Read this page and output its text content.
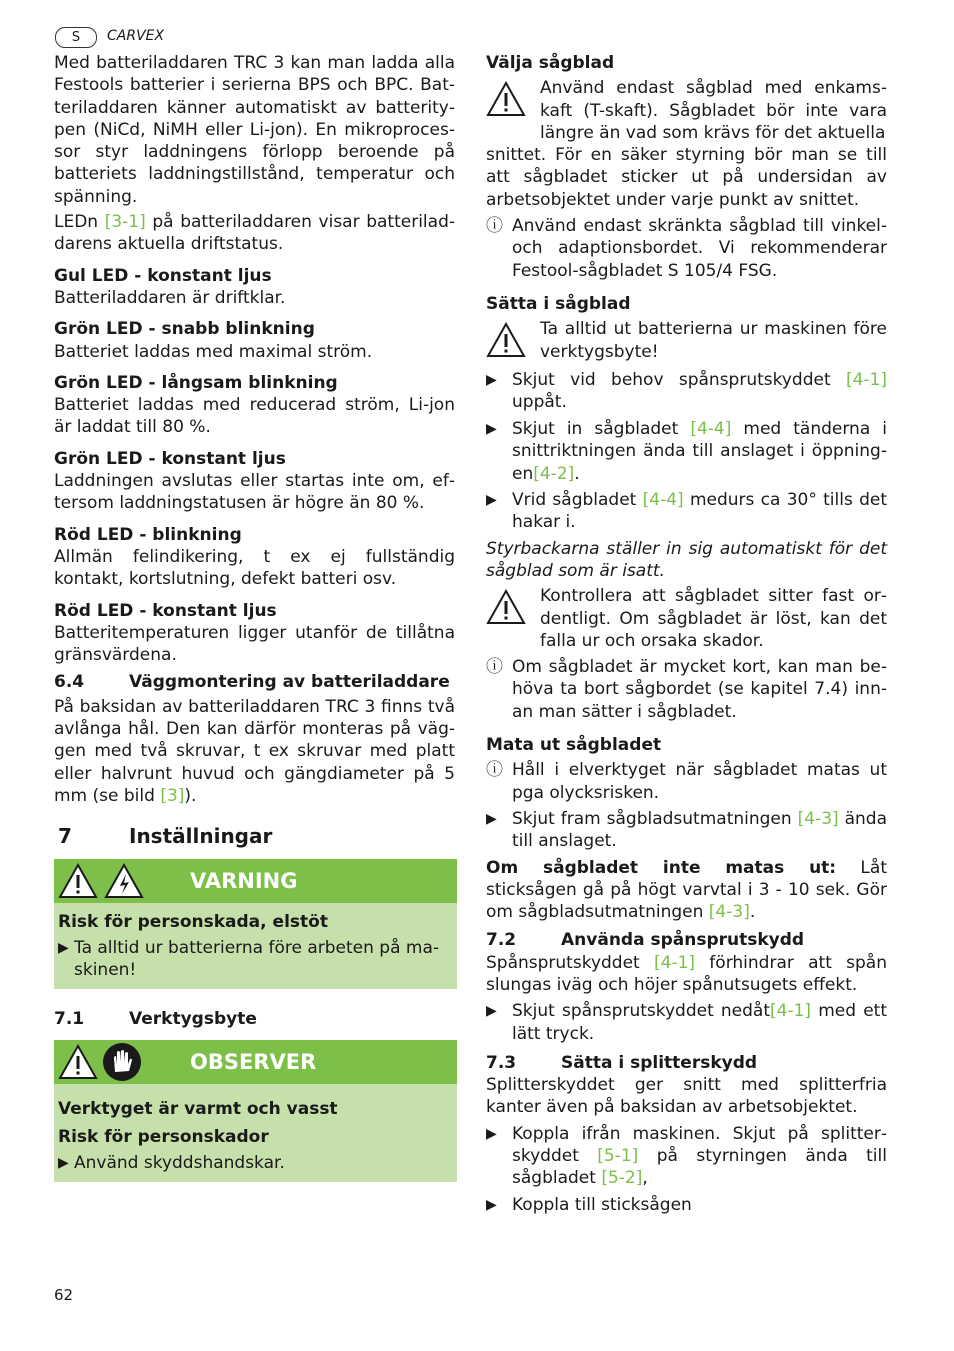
S	CARVEX

Med batteriladdaren TRC 3 kan man ladda alla Festools batterier i serierna BPS och BPC. Batteriladdaren känner automatiskt av batteritypen (NiCd, NiMH eller Li-jon). En mikroprocessor styr laddningens förlopp beroende på batteriets laddningstillstånd, temperatur och spänning.

LEDn [3-1] på batteriladdaren visar batteriladdarens aktuella driftstatus.

Gul LED - konstant ljus

Batteriladdaren är driftklar.

Grön LED - snabb blinkning

Batteriet laddas med maximal ström.

Grön LED - långsam blinkning

Batteriet laddas med reducerad ström, Li-jon är laddat till 80 %.

Grön LED - konstant ljus

Laddningen avslutas eller startas inte om, eftersom laddningstatusen är högre än 80 %.

Röd LED - blinkning

Allmän felindikering, t ex ej fullständig kontakt, kortslutning, defekt batteri osv.

Röd LED - konstant ljus

Batteritemperaturen ligger utanför de tillåtna gränsvärdena.

6.4	Väggmontering av batteriladdare

På baksidan av batteriladdaren TRC 3 finns två avlånga hål. Den kan därför monteras på väggen med två skruvar, t ex skruvar med platt eller halvrunt huvud och gängdiameter på 5 mm (se bild [3]).

7	Inställningar
VARNING

Risk för personskada, elstöt

▶ Ta alltid ur batterierna före arbeten på maskinen!
7.1	Verktygsbyte
OBSERVER

Verktyget är varmt och vasst

Risk för personskador

▶ Använd skyddshandskar.

Välja sågblad

Använd endast sågblad med enkamskaft (T-skaft). Sågbladet bör inte vara längre än vad som krävs för det aktuella

snittet. För en säker styrning bör man se till att sågbladet sticker ut på undersidan av arbetsobjektet under varje punkt av snittet.

ⓘ Använd endast skränkta sågblad till vinkel- och adaptionsbordet. Vi rekommenderar Festool-sågbladet S 105/4 FSG.

Sätta i sågblad

Ta alltid ut batterierna ur maskinen före verktygsbyte!
▶ Skjut vid behov spånsprutskyddet [4-1] uppåt.
▶ Skjut in sågbladet [4-4] med tänderna i snittriktningen ända till anslaget i öppningen[4-2].
▶ Vrid sågbladet [4-4] medurs ca 30° tills det hakar i.

Styrbackarna ställer in sig automatiskt för det sågblad som är isatt.

Kontrollera att sågbladet sitter fast ordentligt. Om sågbladet är löst, kan det falla ur och orsaka skador.
ⓘ Om sågbladet är mycket kort, kan man behöva ta bort sågbordet (se kapitel 7.4) innan man sätter i sågbladet.

Mata ut sågbladet

ⓘ Håll i elverktyget när sågbladet matas ut pga olycksrisken.
▶ Skjut fram sågbladsutmatningen [4-3] ända till anslaget.

Om sågbladet inte matas ut: Låt sticksågen gå på högt varvtal i 3 - 10 sek. Gör om sågbladsutmatningen [4-3].

7.2	Använda spånsprutskydd

Spånsprutskyddet [4-1] förhindrar att spån slungas iväg och höjer spånutsugets effekt.

▶ Skjut spånsprutskyddet nedåt[4-1] med ett lätt tryck.
7.3	Sätta i splitterskydd

Splitterskyddet ger snitt med splitterfria kanter även på baksidan av arbetsobjektet.

▶ Koppla ifrån maskinen. Skjut på splitterskyddet [5-1] på styrningen ända till sågbladet [5-2],
▶ Koppla till sticksågen
62
